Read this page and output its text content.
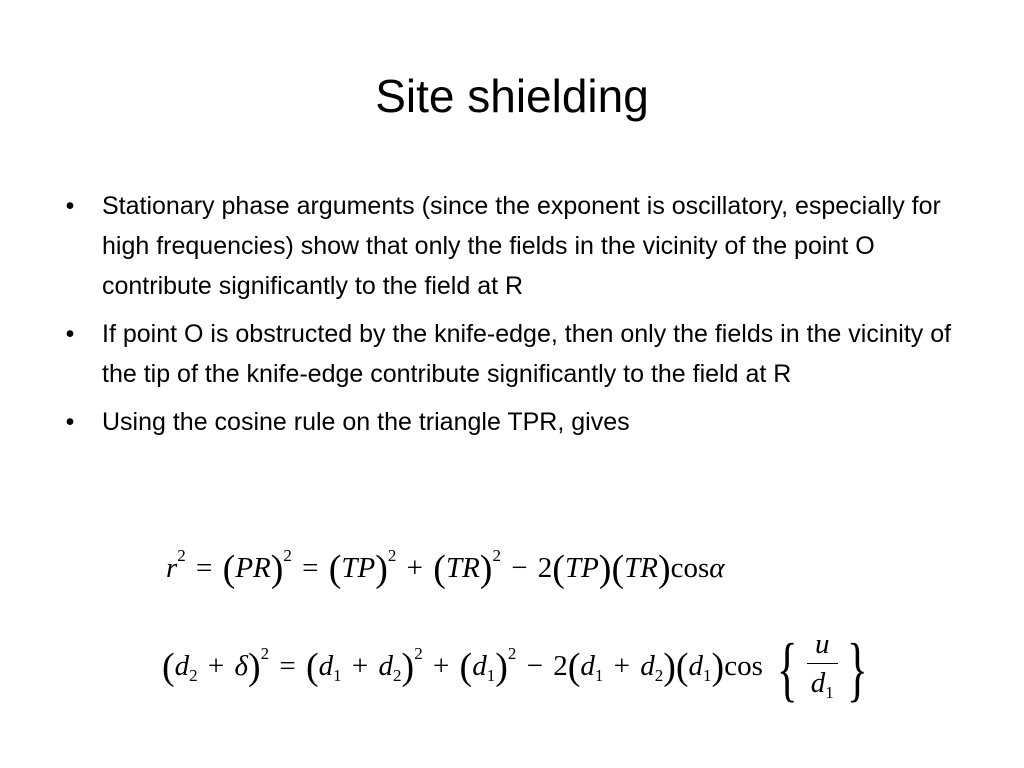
Site shielding
• Stationary phase arguments (since the exponent is oscillatory, especially for high frequencies) show that only the fields in the vicinity of the point O contribute significantly to the field at R
• If point O is obstructed by the knife-edge, then only the fields in the vicinity of the tip of the knife-edge contribute significantly to the field at R
• Using the cosine rule on the triangle TPR, gives
$r^2 = (PR)^2 = (TP)^2 + (TR)^2 - 2(TP)(TR)\cos\alpha$
$(d_2 + \delta)^2 = (d_1 + d_2)^2 + (d_1)^2 - 2(d_1 + d_2)(d_1)\cos$ { $\frac{u}{d_1}$ }
